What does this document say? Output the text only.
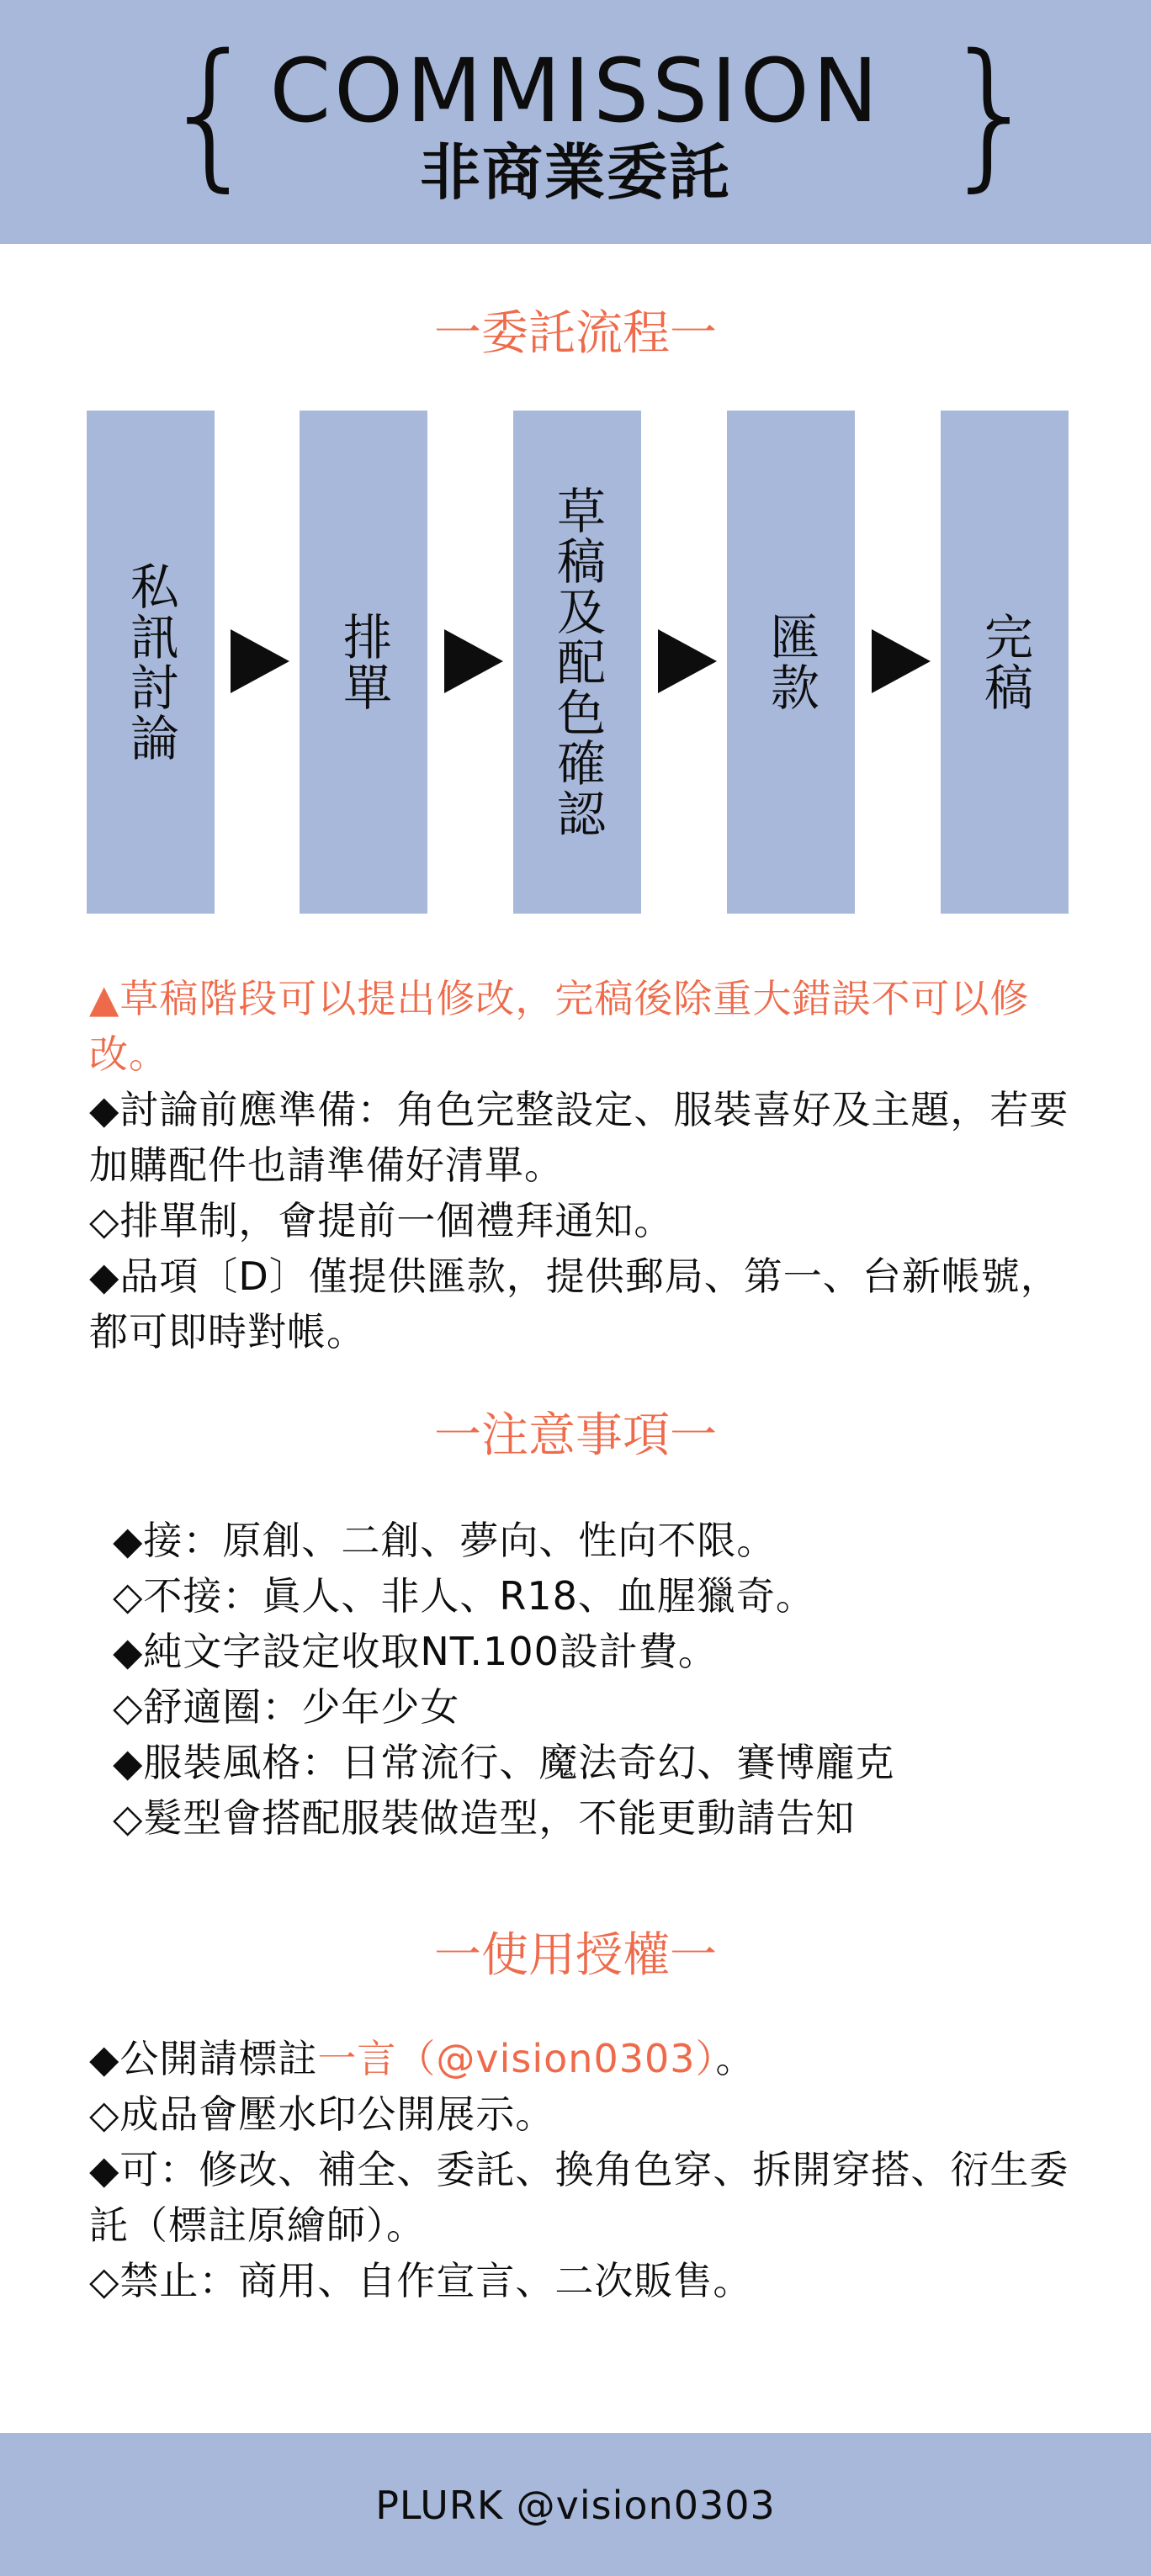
{ COMMISSION }
非商業委託
一委託流程一
私訊討論	排單	草稿及配色確認	匯款	完稿

▲草稿階段可以提出修改，完稿後除重大錯誤不可以修改。

◆討論前應準備：角色完整設定、服裝喜好及主題，若要加購配件也請準備好清單。

◇排單制，會提前一個禮拜通知。

◆品項〔D〕僅提供匯款，提供郵局、第一、台新帳號，都可即時對帳。

一注意事項一

◆接：原創、二創、夢向、性向不限。

◇不接：眞人、非人、R18、血腥獵奇。

◆純文字設定收取NT.100設計費。

◇舒適圈：少年少女

◆服裝風格：日常流行、魔法奇幻、賽博龐克

◇髮型會搭配服裝做造型，不能更動請告知

一使用授權一

◆公開請標註一言（@vision0303）。

◇成品會壓水印公開展示。

◆可：修改、補全、委託、換角色穿、拆開穿搭、衍生委託（標註原繪師）。

◇禁止：商用、自作宣言、二次販售。

PLURK @vision0303
